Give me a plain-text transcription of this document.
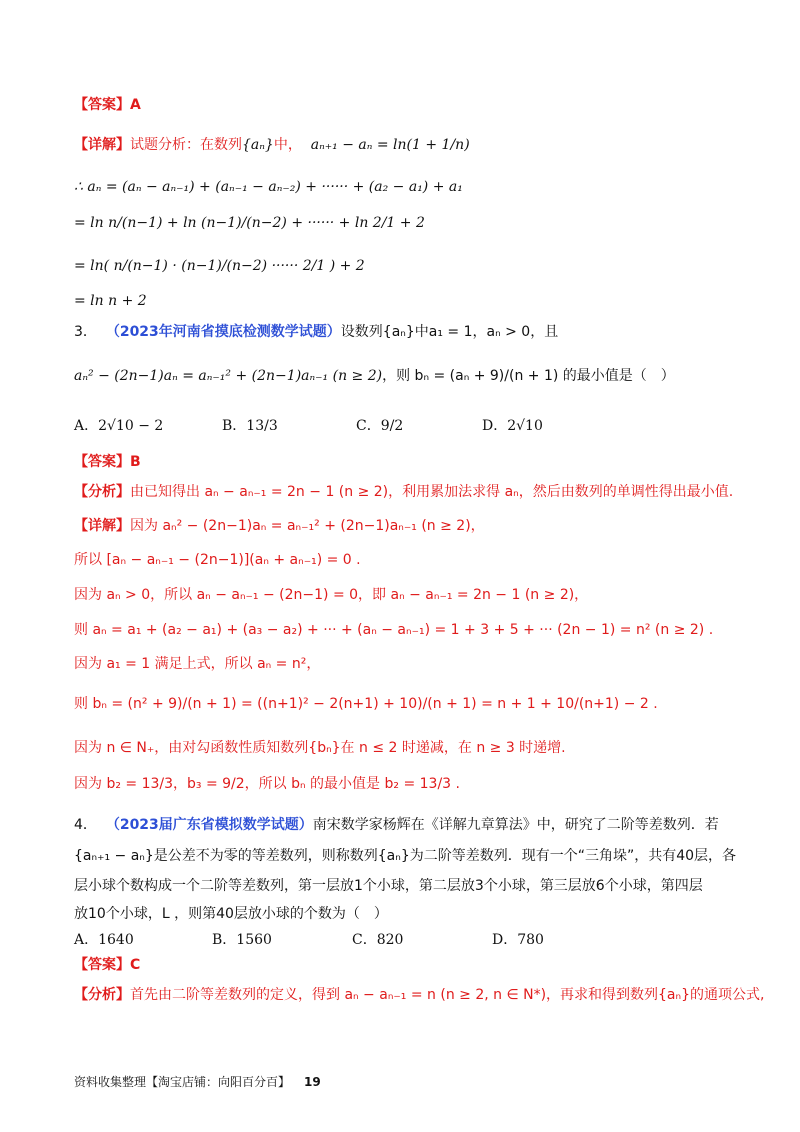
【答案】A
【详解】试题分析：在数列{aₙ}中， aₙ₊₁ − aₙ = ln(1 + 1/n)
∴ aₙ = (aₙ − aₙ₋₁) + (aₙ₋₁ − aₙ₋₂) + ······ + (a₂ − a₁) + a₁
= ln n/(n−1) + ln (n−1)/(n−2) + ······ + ln 2/1 + 2
= ln( n/(n−1) · (n−1)/(n−2) ······ 2/1 ) + 2
= ln n + 2
3． （2023年河南省摸底检测数学试题）设数列{aₙ}中a₁ = 1，aₙ > 0，且
aₙ² − (2n−1)aₙ = aₙ₋₁² + (2n−1)aₙ₋₁ (n ≥ 2)，则 bₙ = (aₙ + 9)/(n + 1) 的最小值是（　）
A．2√10 − 2	B．13/3	C．9/2	D．2√10
【答案】B
【分析】由已知得出 aₙ − aₙ₋₁ = 2n − 1 (n ≥ 2)，利用累加法求得 aₙ，然后由数列的单调性得出最小值.
【详解】因为 aₙ² − (2n−1)aₙ = aₙ₋₁² + (2n−1)aₙ₋₁ (n ≥ 2)，
所以 [aₙ − aₙ₋₁ − (2n−1)](aₙ + aₙ₋₁) = 0 .
因为 aₙ > 0，所以 aₙ − aₙ₋₁ − (2n−1) = 0，即 aₙ − aₙ₋₁ = 2n − 1 (n ≥ 2)，
则 aₙ = a₁ + (a₂ − a₁) + (a₃ − a₂) + ··· + (aₙ − aₙ₋₁) = 1 + 3 + 5 + ··· (2n − 1) = n² (n ≥ 2) .
因为 a₁ = 1 满足上式，所以 aₙ = n²，
则 bₙ = (n² + 9)/(n + 1) = ((n+1)² − 2(n+1) + 10)/(n + 1) = n + 1 + 10/(n+1) − 2 .
因为 n ∈ N₊，由对勾函数性质知数列{bₙ}在 n ≤ 2 时递减，在 n ≥ 3 时递增.
因为 b₂ = 13/3，b₃ = 9/2，所以 bₙ 的最小值是 b₂ = 13/3 .
4． （2023届广东省模拟数学试题）南宋数学家杨辉在《详解九章算法》中，研究了二阶等差数列．若
{aₙ₊₁ − aₙ}是公差不为零的等差数列，则称数列{aₙ}为二阶等差数列．现有一个“三角垛”，共有40层，各
层小球个数构成一个二阶等差数列，第一层放1个小球，第二层放3个小球，第三层放6个小球，第四层
放10个小球，L ，则第40层放小球的个数为（　）
A．1640	B．1560	C．820	D．780
【答案】C
【分析】首先由二阶等差数列的定义，得到 aₙ − aₙ₋₁ = n (n ≥ 2, n ∈ N*)，再求和得到数列{aₙ}的通项公式,
资料收集整理【淘宝店铺：向阳百分百】 19
